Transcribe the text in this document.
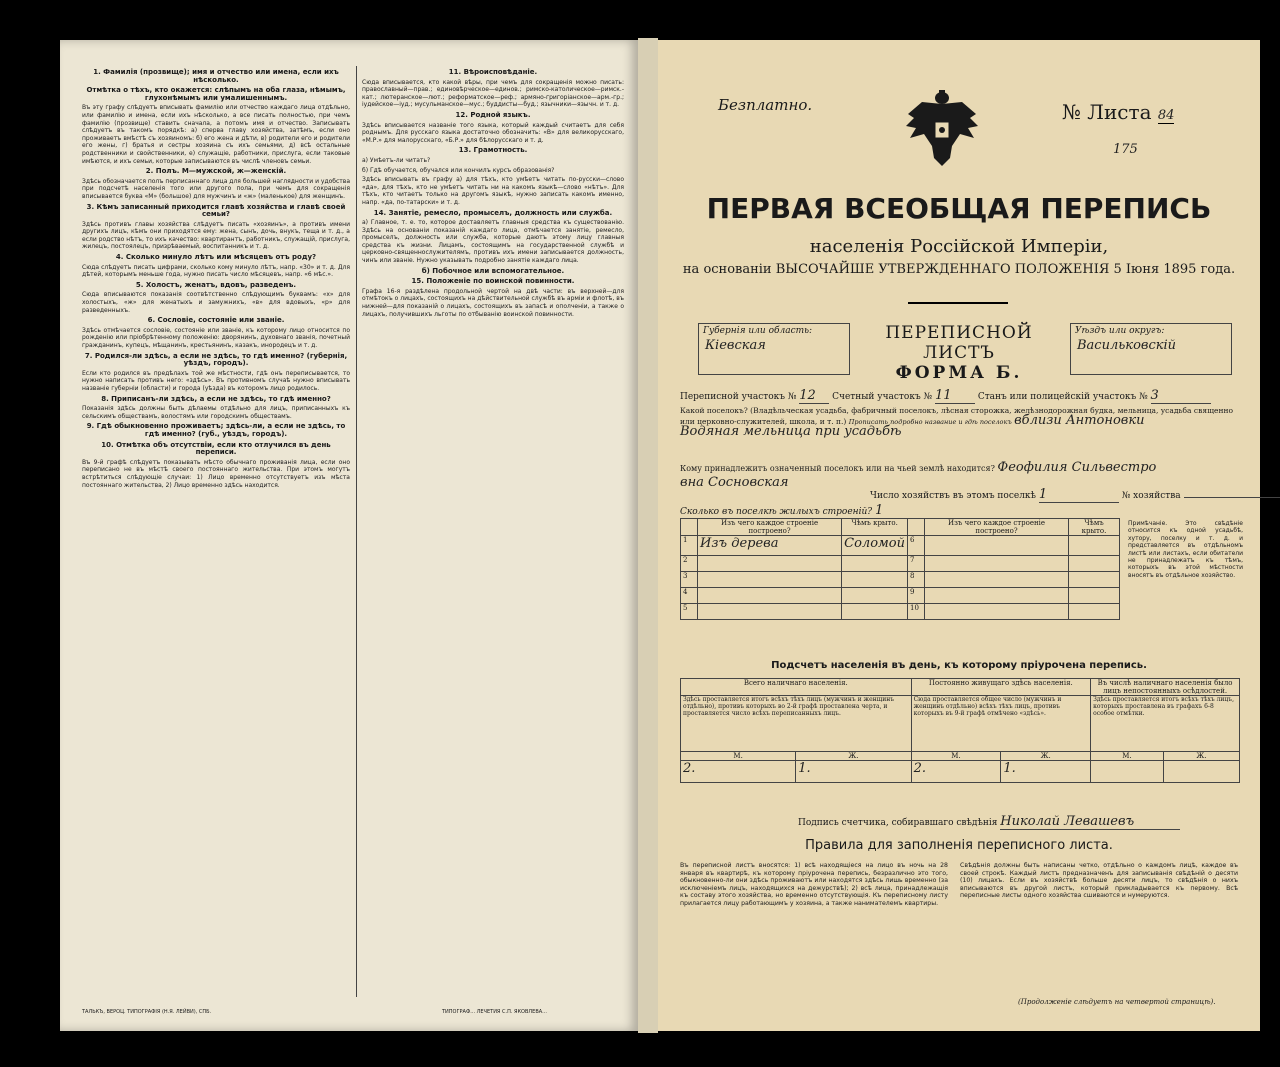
1. Фамилія (прозвище); имя и отчество или имена, если ихъ нѣсколько.
Отмѣтка о тѣхъ, кто окажется: слѣпымъ на оба глаза, нѣмымъ, глухонѣмымъ или умалишеннымъ.

Въ эту графу слѣдуетъ вписывать фамилію или отчество каждаго лица отдѣльно, или фамилію и имена, если ихъ нѣсколько, а все писать полностью, при чемъ фамилію (прозвище) ставить сначала, а потомъ имя и отчество. Записывать слѣдуетъ въ такомъ порядкѣ: а) сперва главу хозяйства, затѣмъ, если оно проживаетъ вмѣстѣ съ хозяиномъ: б) его жена и дѣти, в) родители его и родители его жены, г) братья и сестры хозяина съ ихъ семьями, д) всѣ остальные родственники и свойственники, е) служащіе, работники, прислуга, если таковые имѣются, и ихъ семьи, которые записываются въ числѣ членовъ семьи.

2. Полъ. М—мужской, ж—женскій.

Здѣсь обозначается полъ перписаннаго лица для большей наглядности и удобства при подсчетѣ населенія того или другого пола, при чемъ для сокращенія вписывается буква «М» (большое) для мужчинъ и «ж» (маленькое) для женщинъ.

3. Кѣмъ записанный приходится главѣ хозяйства и главѣ своей семьи?

Здѣсь противъ главы хозяйства слѣдуетъ писать «хозяинъ», а противъ имени другихъ лицъ, кѣмъ они приходятся ему: жена, сынъ, дочь, внукъ, теща и т. д., а если родство нѣтъ, то ихъ качество: квартирантъ, работникъ, служащій, прислуга, жилецъ, постоялецъ, призрѣваемый, воспитанникъ и т. д.

4. Сколько минуло лѣтъ или мѣсяцевъ отъ роду?

Сюда слѣдуетъ писать цифрами, сколько кому минуло лѣтъ, напр. «30» и т. д. Для дѣтей, которымъ меньше года, нужно писать число мѣсяцевъ, напр. «6 мѣс.».

5. Холостъ, женатъ, вдовъ, разведенъ.

Сюда вписываются показанія соотвѣтственно слѣдующимъ буквамъ: «х» для холостыхъ, «ж» для женатыхъ и замужнихъ, «в» для вдовыхъ, «р» для разведенныхъ.

6. Сословіе, состояніе или званіе.

Здѣсь отмѣчается сословіе, состояніе или званіе, къ которому лицо относится по рожденію или пріобрѣтенному положенію: дворянинъ, духовнаго званія, почетный гражданинъ, купецъ, мѣщанинъ, крестьянинъ, казакъ, инородецъ и т. д.

7. Родился-ли здѣсь, а если не здѣсь, то гдѣ именно? (губернія, уѣздъ, городъ).

Если кто родился въ предѣлахъ той же мѣстности, гдѣ онъ переписывается, то нужно написать противъ него: «здѣсь». Въ противномъ случаѣ нужно вписывать названіе губерніи (области) и города (уѣзда) въ которомъ лицо родилось.

8. Приписанъ-ли здѣсь, а если не здѣсь, то гдѣ именно?

Показанія здѣсь должны быть дѣлаемы отдѣльно для лицъ, приписанныхъ къ сельскимъ обществамъ, волостямъ или городскимъ обществамъ.

9. Гдѣ обыкновенно проживаетъ; здѣсь-ли, а если не здѣсь, то гдѣ именно? (губ., уѣздъ, городъ).
10. Отмѣтка объ отсутствіи, если кто отлучился въ день переписи.

Въ 9-й графѣ слѣдуетъ показывать мѣсто обычнаго проживанія лица, если оно переписано не въ мѣстѣ своего постояннаго жительства. При этомъ могутъ встрѣтиться слѣдующіе случаи: 1) Лицо временно отсутствуетъ изъ мѣста постояннаго жительства, 2) Лицо временно здѣсь находится.

11. Вѣроисповѣданіе.

Сюда вписывается, кто какой вѣры, при чемъ для сокращенія можно писать: православный—прав.; единовѣрческое—единов.; римско-католическое—римск.-кат.; лютеранское—лют.; реформатское—реф.; армяно-григоріанское—арм.-гр.; іудейское—іуд.; мусульманское—мус.; буддисты—буд.; язычники—язычн. и т. д.

12. Родной языкъ.

Здѣсь вписывается названіе того языка, который каждый считаетъ для себя роднымъ. Для русскаго языка достаточно обозначить: «В» для великорусскаго, «М.Р.» для малорусскаго, «Б.Р.» для бѣлорусскаго и т. д.

13. Грамотность.

а) Умѣетъ-ли читать?

б) Гдѣ обучается, обучался или кончилъ курсъ образованія?

Здѣсь вписывать въ графу а) для тѣхъ, кто умѣетъ читать по-русски—слово «да», для тѣхъ, кто не умѣетъ читать ни на какомъ языкѣ—слово «нѣтъ». Для тѣхъ, кто читаетъ только на другомъ языкѣ, нужно записать какомъ именно, напр. «да, по-татарски» и т. д.

14. Занятіе, ремесло, промыселъ, должность или служба.

а) Главное, т. е. то, которое доставляетъ главныя средства къ существованію. Здѣсь на основаніи показаній каждаго лица, отмѣчается занятіе, ремесло, промыселъ, должность или служба, которые даютъ этому лицу главныя средства къ жизни. Лицамъ, состоящимъ на государственной службѣ и церковно-священнослужителямъ, противъ ихъ имени записывается должность, чинъ или званіе. Нужно указывать подробно занятіе каждаго лица.

б) Побочное или вспомогательное.
15. Положеніе по воинской повинности.

Графа 16-я раздѣлена продольной чертой на двѣ части: въ верхней—для отмѣтокъ о лицахъ, состоящихъ на дѣйствительной службѣ въ арміи и флотѣ, въ нижней—для показаній о лицахъ, состоящихъ въ запасѣ и ополченіи, а также о лицахъ, получившихъ льготы по отбыванію воинской повинности.

ТАЛЬКЪ, ВЕРОЦ. ТИПОГРАФІЯ (Н.Я. ЛЕЙВИ), СПБ.	ТИПОГРАФ... ЛЕЧЕТИЯ С.П. ЯКОВЛЕВА...
Безплатно.	№ Листа 84
175
ПЕРВАЯ ВСЕОБЩАЯ ПЕРЕПИСЬ
населенія Россійской Имперіи,
на основаніи ВЫСОЧАЙШЕ УТВЕРЖДЕННАГО ПОЛОЖЕНІЯ 5 Іюня 1895 года.
Губернія или область:
Кіевская
ПЕРЕПИСНОЙ ЛИСТЪ
ФОРМА Б.
Уѣздъ или округъ:
Васильковскій
Переписной участокъ № 12 Счетный участокъ № 11	Станъ или полицейскій участокъ № 3
Какой поселокъ? (Владѣльческая усадьба, фабричный поселокъ, лѣсная сторожка, желѣзнодорожная будка, мельница, усадьба священно или церковно-служителей, школа, и т. п.) Прописать подробно название и гдѣ поселокъ вблизи Антоновки
Водяная мельница при усадьбѣ
Кому принадлежитъ означенный поселокъ или на чьей землѣ находится? Феофилия Сильвестро
вна Сосновская
Число хозяйствъ въ этомъ поселкѣ 1	№ хозяйства
Сколько въ поселкѣ жилыхъ строеній? 1
	Изъ чего каждое строеніе построено?	Чѣмъ крыто.		Изъ чего каждое строеніе построено?	Чѣмъ крыто.
1	Изъ дерева	Соломой	6		
2			7		
3			8		
4			9		
5			10		
Примѣчаніе. Это свѣдѣніе относится къ одной усадьбѣ, хутору, поселку и т. д. и представляется въ отдѣльномъ листѣ или листахъ, если обитатели не принадлежатъ къ тѣмъ, которыхъ въ этой мѣстности вносятъ въ отдѣльное хозяйство.
Подсчетъ населенія въ день, къ которому пріурочена перепись.
Всего наличнаго населенія.		Постоянно живущаго здѣсь населенія.		Въ числѣ наличнаго населенія было лицъ непостоянныхъ осѣдлостей.	
Здѣсь проставляется итогъ всѣхъ тѣхъ лицъ (мужчинъ и женщинъ отдѣльно), противъ которыхъ во 2-й графѣ проставлена черта, и проставляется число всѣхъ переписанныхъ лицъ.		Сюда проставляется общее число (мужчинъ и женщинъ отдѣльно) всѣхъ тѣхъ лицъ, противъ которыхъ въ 9-й графѣ отмѣчено «здѣсь».		Здѣсь проставляется итогъ всѣхъ тѣхъ лицъ, которыхъ проставлена въ графахъ 6-8 особое отмѣтки.	
М.	Ж.	М.	Ж.	М.	Ж.
2.	1.	2.	1.		
Подпись счетчика, собиравшаго свѣдѣнія Николай Левашевъ
Правила для заполненія переписного листа.
Въ переписной листъ вносятся: 1) всѣ находящіеся на лицо въ ночь на 28 января въ квартирѣ, къ которому пріурочена перепись, безразлично это того, обыкновенно-ли они здѣсь проживаютъ или находятся здѣсь лишь временно (за исключеніемъ лицъ, находящихся на дежурствѣ); 2) всѣ лица, принадлежащія къ составу этого хозяйства, но временно отсутствующія. Къ переписному листу прилагается лицу работающимъ у хозяина, а также нанимателемъ квартиры.
Свѣдѣнія должны быть написаны четко, отдѣльно о каждомъ лицѣ, каждое въ своей строкѣ. Каждый листъ предназначенъ для записыванія свѣдѣній о десяти (10) лицахъ. Если въ хозяйствѣ больше десяти лицъ, то свѣдѣнія о нихъ вписываются въ другой листъ, который прикладывается къ первому. Всѣ переписные листы одного хозяйства сшиваются и нумеруются.
(Продолженіе слѣдуетъ на четвертой страницѣ).
